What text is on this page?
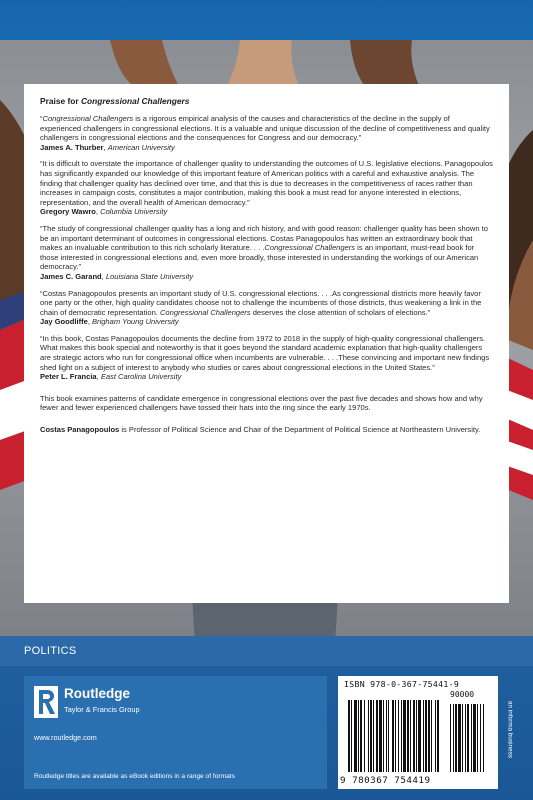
Praise for Congressional Challengers

“Congressional Challengers is a rigorous empirical analysis of the causes and characteristics of the decline in the supply of experienced challengers in congressional elections. It is a valuable and unique discussion of the decline of competitiveness and quality challengers in congressional elections and the consequences for Congress and our democracy.”

James A. Thurber, American University

“It is difficult to overstate the importance of challenger quality to understanding the outcomes of U.S. legislative elections. Panagopoulos has significantly expanded our knowledge of this important feature of American politics with a careful and exhaustive analysis. The finding that challenger quality has declined over time, and that this is due to decreases in the competitiveness of races rather than increases in campaign costs, constitutes a major contribution, making this book a must read for anyone interested in elections, representation, and the overall health of American democracy.”

Gregory Wawro, Columbia University

“The study of congressional challenger quality has a long and rich history, and with good reason: challenger quality has been shown to be an important determinant of outcomes in congressional elections. Costas Panagopoulos has written an extraordinary book that makes an invaluable contribution to this rich scholarly literature. . . .Congressional Challengers is an important, must-read book for those interested in congressional elections and, even more broadly, those interested in understanding the workings of our American democracy.”

James C. Garand, Louisiana State University

“Costas Panagopoulos presents an important study of U.S. congressional elections. . . .As congressional districts more heavily favor one party or the other, high quality candidates choose not to challenge the incumbents of those districts, thus weakening a link in the chain of democratic representation. Congressional Challengers deserves the close attention of scholars of elections.”

Jay Goodliffe, Brigham Young University

“In this book, Costas Panagopoulos documents the decline from 1972 to 2018 in the supply of high-quality congressional challengers. What makes this book special and noteworthy is that it goes beyond the standard academic explanation that high-quality challengers are strategic actors who run for congressional office when incumbents are vulnerable. . . .These convincing and important new findings shed light on a subject of interest to anybody who studies or cares about congressional elections in the United States.”

Peter L. Francia, East Carolina University

This book examines patterns of candidate emergence in congressional elections over the past five decades and shows how and why fewer and fewer experienced challengers have tossed their hats into the ring since the early 1970s.

Costas Panagopoulos is Professor of Political Science and Chair of the Department of Political Science at Northeastern University.

POLITICS
Routledge
Taylor & Francis Group
www.routledge.com
Routledge titles are available as eBook editions in a range of formats
ISBN 978-0-367-75441-9
90000
9 780367 754419
an informa business
